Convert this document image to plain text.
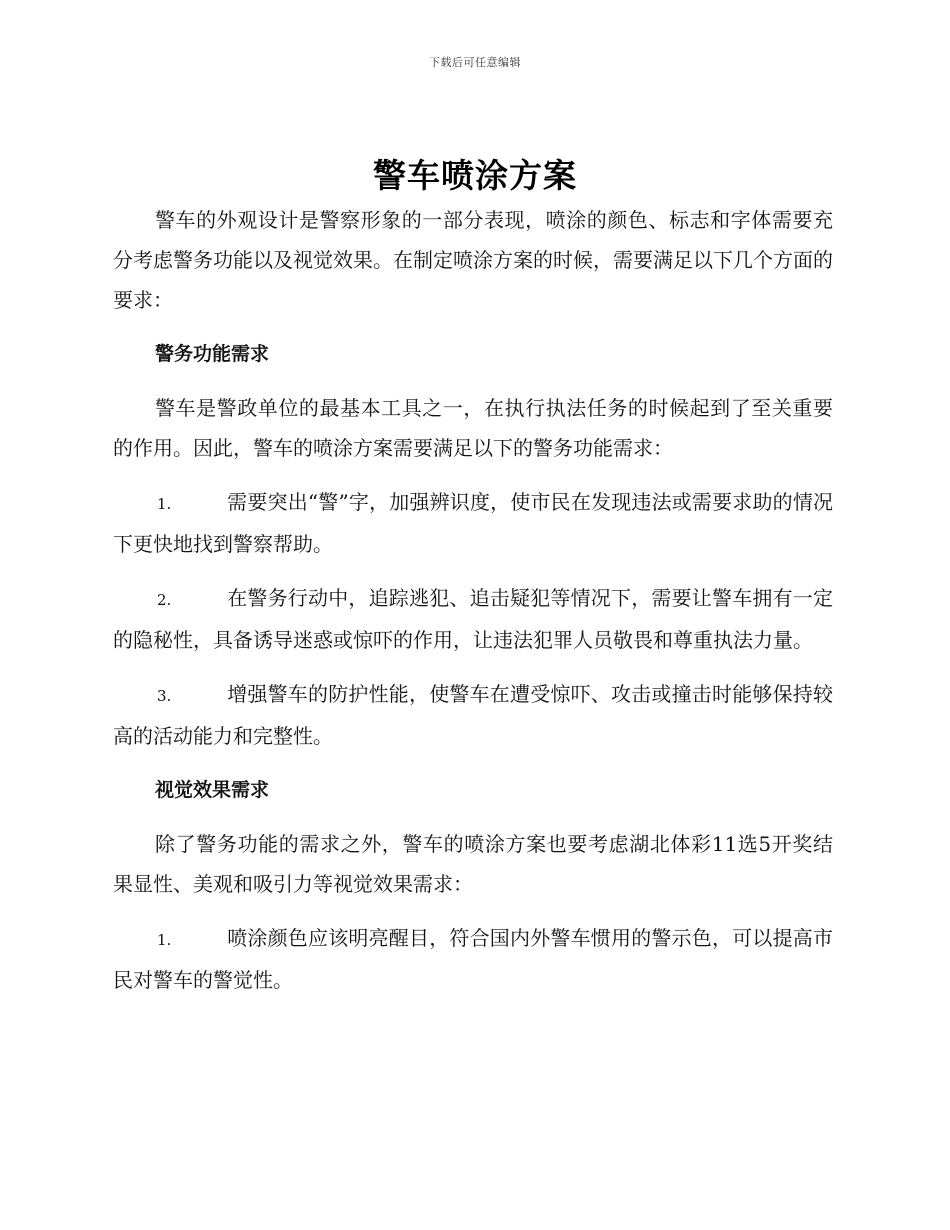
下载后可任意编辑
警车喷涂方案

警车的外观设计是警察形象的一部分表现，喷涂的颜色、标志和字体需要充分考虑警务功能以及视觉效果。在制定喷涂方案的时候，需要满足以下几个方面的要求：

警务功能需求

警车是警政单位的最基本工具之一，在执行执法任务的时候起到了至关重要的作用。因此，警车的喷涂方案需要满足以下的警务功能需求：

1.	需要突出“警”字，加强辨识度，使市民在发现违法或需要求助的情况下更快地找到警察帮助。

2.	在警务行动中，追踪逃犯、追击疑犯等情况下，需要让警车拥有一定的隐秘性，具备诱导迷惑或惊吓的作用，让违法犯罪人员敬畏和尊重执法力量。

3.	增强警车的防护性能，使警车在遭受惊吓、攻击或撞击时能够保持较高的活动能力和完整性。

视觉效果需求

除了警务功能的需求之外，警车的喷涂方案也要考虑湖北体彩11选5开奖结果显性、美观和吸引力等视觉效果需求：

1.	喷涂颜色应该明亮醒目，符合国内外警车惯用的警示色，可以提高市民对警车的警觉性。
